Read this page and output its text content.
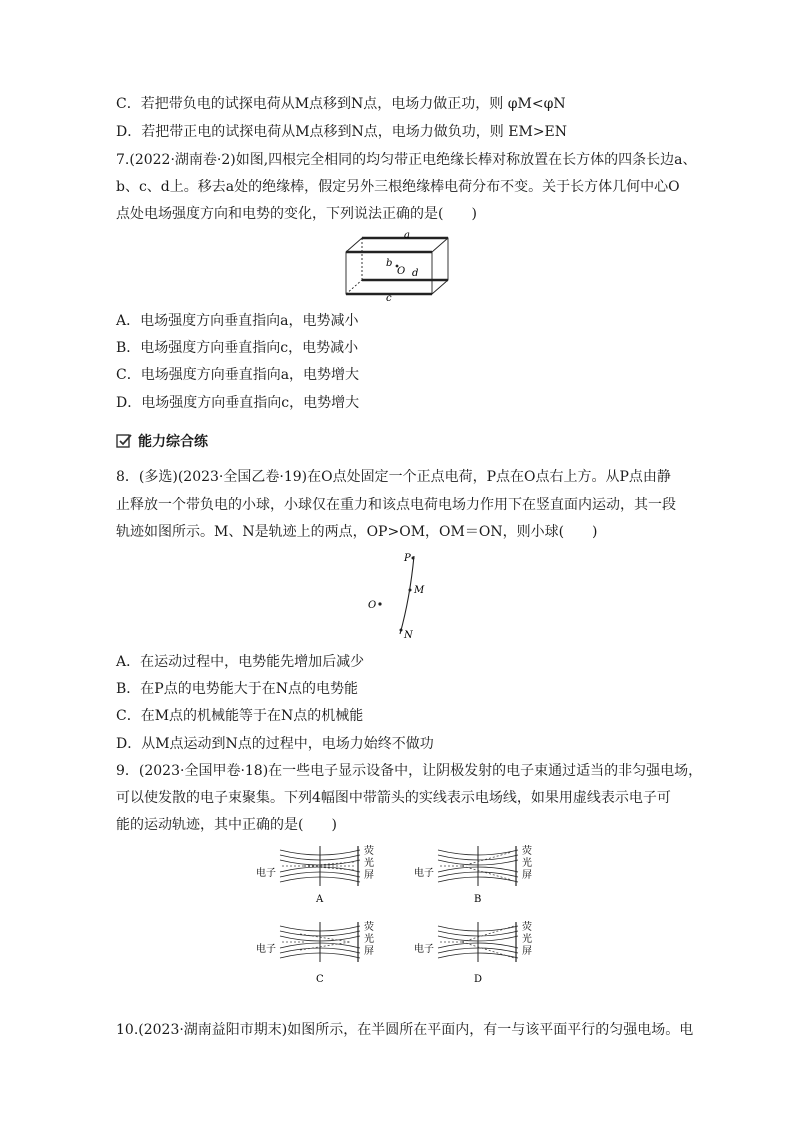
C．若把带负电的试探电荷从M点移到N点，电场力做正功，则 φM<φN
D．若把带正电的试探电荷从M点移到N点，电场力做负功，则 EM>EN
7.(2022·湖南卷·2)如图,四根完全相同的均匀带正电绝缘长棒对称放置在长方体的四条长边a、
b、c、d上。移去a处的绝缘棒，假定另外三根绝缘棒电荷分布不变。关于长方体几何中心O
点处电场强度方向和电势的变化，下列说法正确的是(　　)
a
b
O d
c
A．电场强度方向垂直指向a，电势减小
B．电场强度方向垂直指向c，电势减小
C．电场强度方向垂直指向a，电势增大
D．电场强度方向垂直指向c，电势增大
能力综合练
8．(多选)(2023·全国乙卷·19)在O点处固定一个正点电荷，P点在O点右上方。从P点由静
止释放一个带负电的小球，小球仅在重力和该点电荷电场力作用下在竖直面内运动，其一段
轨迹如图所示。M、N是轨迹上的两点，OP>OM，OM＝ON，则小球(　　)
P
M
O
N
A．在运动过程中，电势能先增加后减少
B．在P点的电势能大于在N点的电势能
C．在M点的机械能等于在N点的机械能
D．从M点运动到N点的过程中，电场力始终不做功
9．(2023·全国甲卷·18)在一些电子显示设备中，让阴极发射的电子束通过适当的非匀强电场，
可以使发散的电子束聚集。下列4幅图中带箭头的实线表示电场线，如果用虚线表示电子可
能的运动轨迹，其中正确的是(　　)
电子
荧
光
屏
A
电子
荧
光
屏
B
电子
荧
光
屏
C
电子
荧
光
屏
D
10.(2023·湖南益阳市期末)如图所示，在半圆所在平面内，有一与该平面平行的匀强电场。电
